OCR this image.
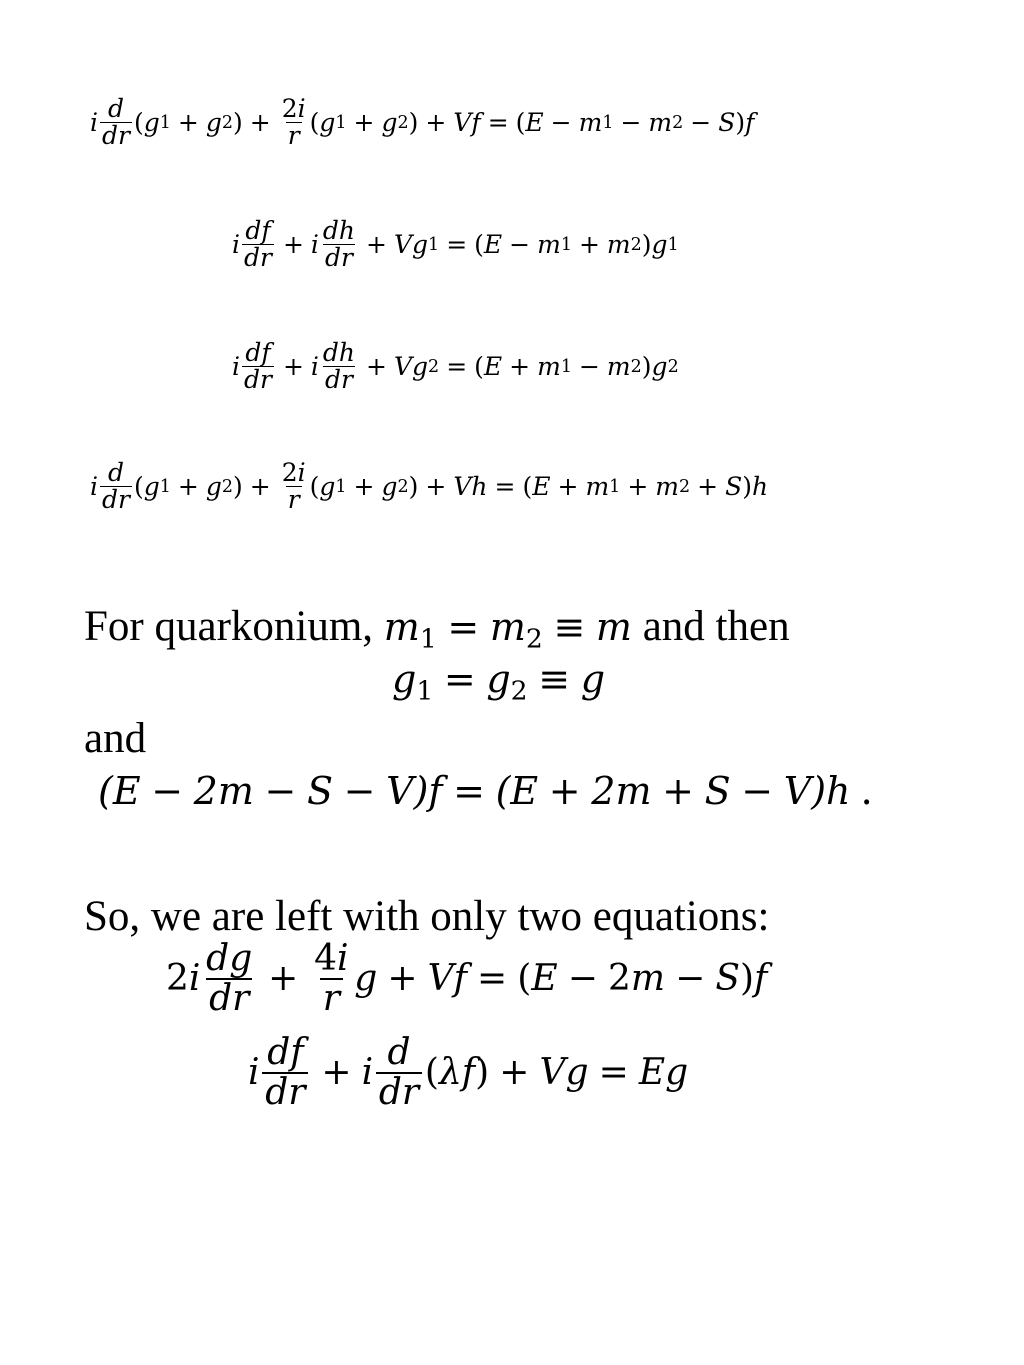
i $\frac{d}{dr}$ ( g 1 + g 2 ) + $\frac{2i}{r}$ ( g 1 + g 2 ) + Vf = ( E − m 1 − m 2 − S ) f
i $\frac{df}{dr} + i \frac{dh}{dr} + Vg$ 1 = ( E − m 1 + m 2 ) g 1
i $\frac{df}{dr} + i \frac{dh}{dr} + Vg$ 2 = ( E + m 1 − m 2 ) g 2
i $\frac{d}{dr}$ ( g 1 + g 2 ) + $\frac{2i}{r}$ ( g 1 + g 2 ) + Vh = ( E + m 1 + m 2 + S ) h
For quarkonium, $m_1 = m_2 \equiv m$ and then
$g_1 = g_2 \equiv g$
and
(E − 2m − S − V)f = (E + 2m + S − V)h .
So, we are left with only two equations:
2 i $\frac{dg}{dr} + \frac{4i}{r}$ g + Vf = ( E − 2 m − S ) f
i $\frac{df}{dr} + i \frac{d}{dr}$ ( λf ) + Vg = Eg
